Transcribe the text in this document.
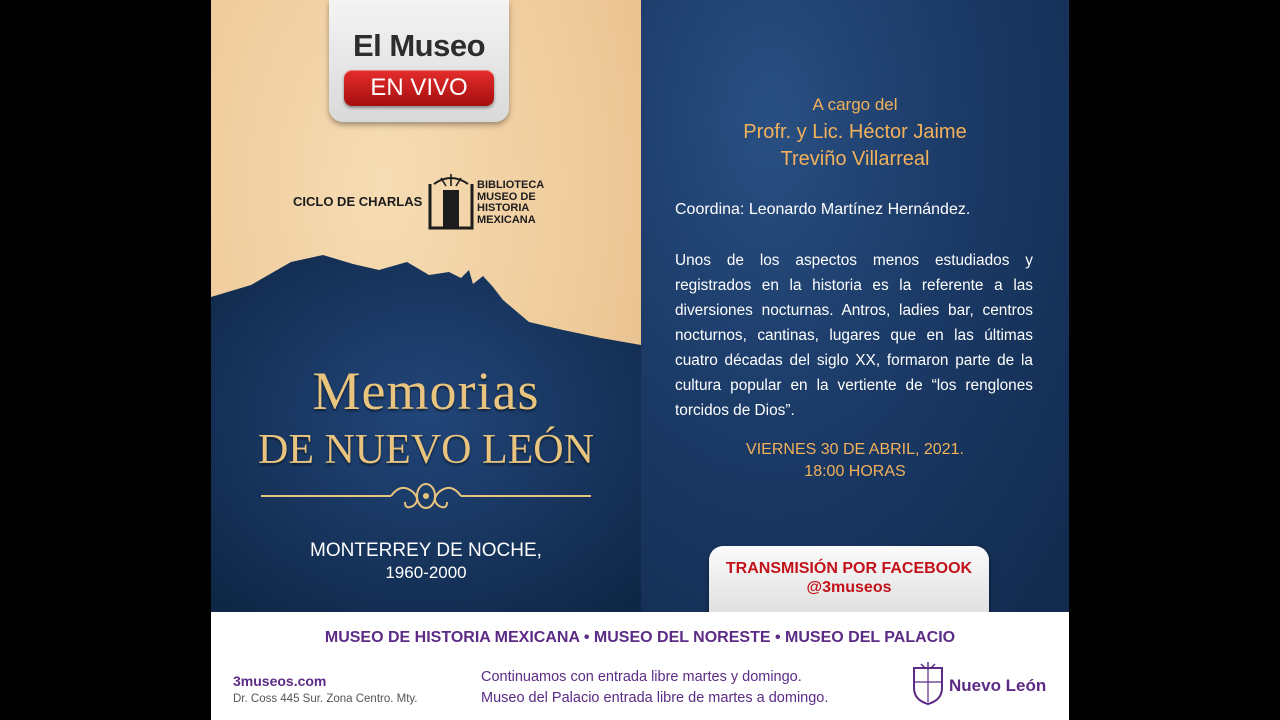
El Museo
EN VIVO
CICLO DE CHARLAS
BIBLIOTECA
MUSEO DE
HISTORIA
MEXICANA
Memorias
DE NUEVO LEÓN
MONTERREY DE NOCHE,
1960-2000
A cargo del
Profr. y Lic. Héctor Jaime
Treviño Villarreal
Coordina: Leonardo Martínez Hernández.
Unos de los aspectos menos estudiados y registrados en la historia es la referente a las diversiones nocturnas. Antros, ladies bar, centros nocturnos, cantinas, lugares que en las últimas cuatro décadas del siglo XX, formaron parte de la cultura popular en la vertiente de “los renglones torcidos de Dios”.
VIERNES 30 DE ABRIL, 2021.
18:00 HORAS
TRANSMISIÓN POR FACEBOOK
@3museos
MUSEO DE HISTORIA MEXICANA • MUSEO DEL NORESTE • MUSEO DEL PALACIO
3museos.com
Dr. Coss 445 Sur. Zona Centro. Mty.
Continuamos con entrada libre martes y domingo.
Museo del Palacio entrada libre de martes a domingo.
Nuevo León
